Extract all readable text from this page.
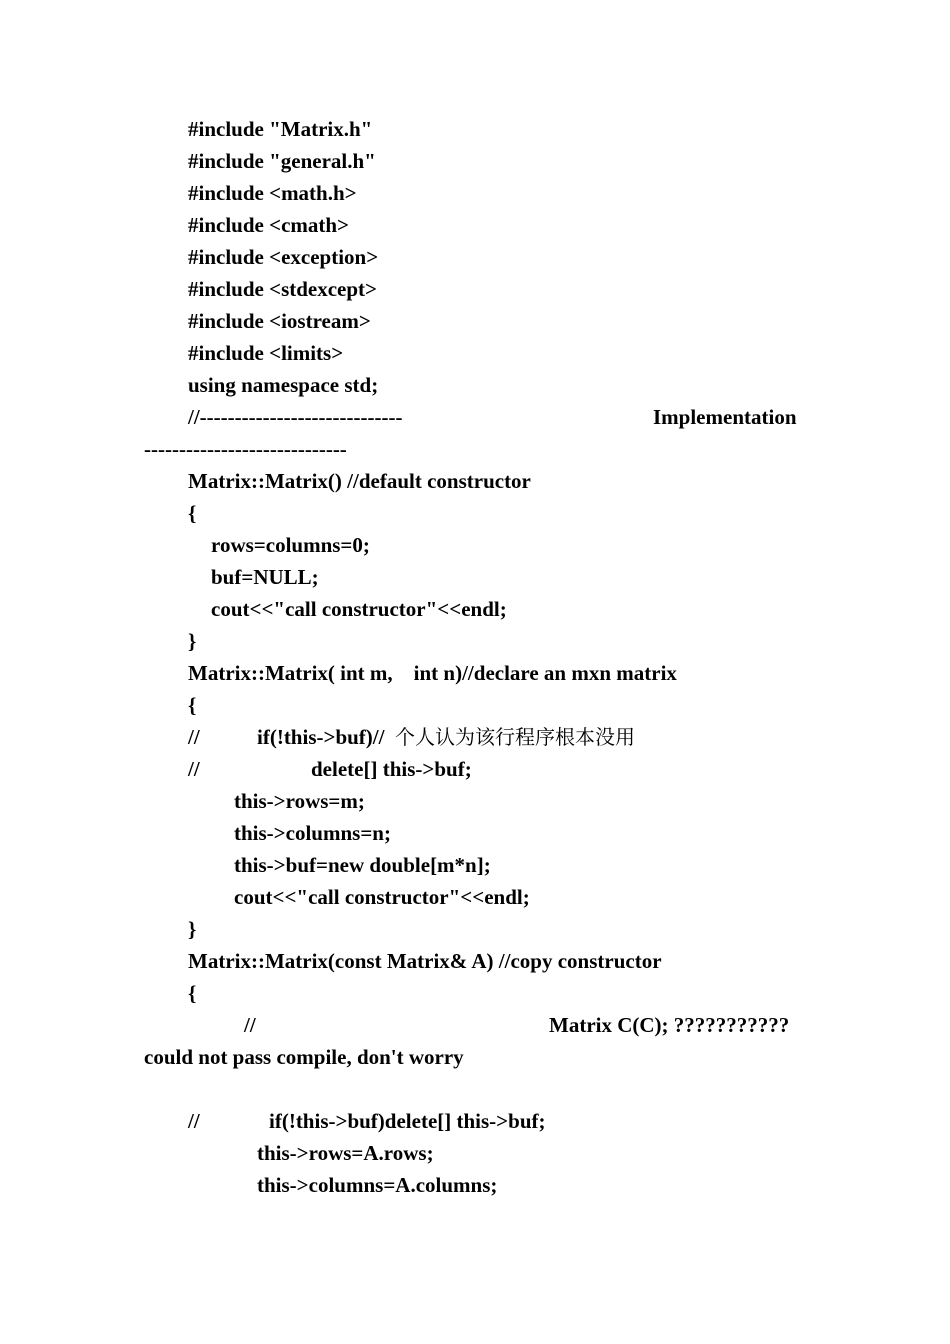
#include "Matrix.h"
#include "general.h"
#include <math.h>
#include <cmath>
#include <exception>
#include <stdexcept>
#include <iostream>
#include <limits>
using namespace std;
//-----------------------------	Implementation
-----------------------------
Matrix::Matrix() //default constructor
{
rows=columns=0;
buf=NULL;
cout<<"call constructor"<<endl;
}
Matrix::Matrix( int m,    int n)//declare an mxn matrix
{
//	if(!this->buf)// 个人认为该行程序根本没用
//	delete[] this->buf;
this->rows=m;
this->columns=n;
this->buf=new double[m*n];
cout<<"call constructor"<<endl;
}
Matrix::Matrix(const Matrix& A) //copy constructor
{
//	Matrix C(C); ???????????
could not pass compile, don't worry
//	if(!this->buf)delete[] this->buf;
this->rows=A.rows;
this->columns=A.columns;
